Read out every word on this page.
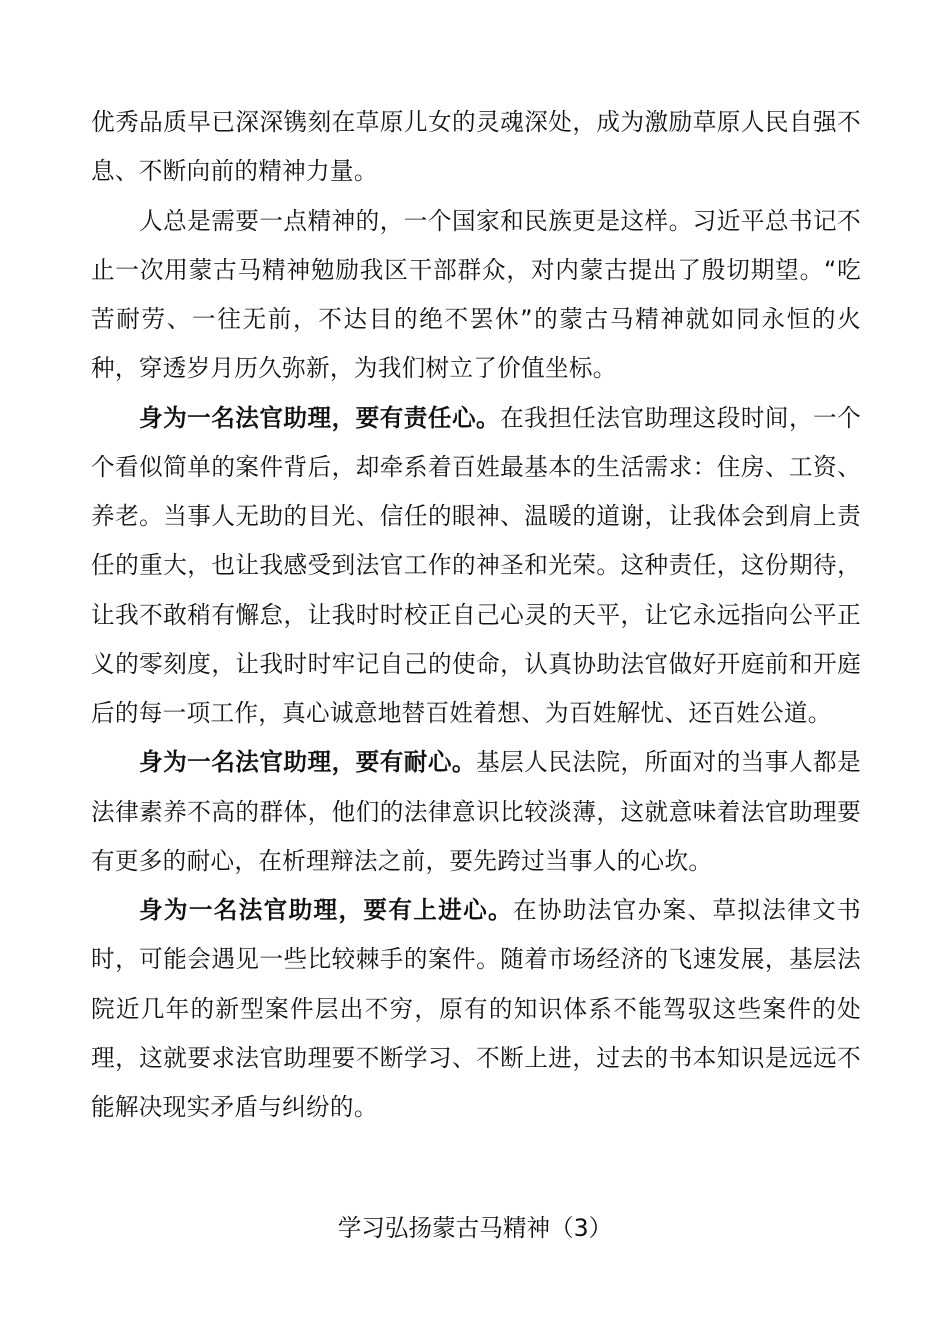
优秀品质早已深深镌刻在草原儿女的灵魂深处，成为激励草原人民自强不息、不断向前的精神力量。

人总是需要一点精神的，一个国家和民族更是这样。习近平总书记不止一次用蒙古马精神勉励我区干部群众，对内蒙古提出了殷切期望。“吃苦耐劳、一往无前，不达目的绝不罢休”的蒙古马精神就如同永恒的火种，穿透岁月历久弥新，为我们树立了价值坐标。

身为一名法官助理，要有责任心。在我担任法官助理这段时间，一个个看似简单的案件背后，却牵系着百姓最基本的生活需求：住房、工资、养老。当事人无助的目光、信任的眼神、温暖的道谢，让我体会到肩上责任的重大，也让我感受到法官工作的神圣和光荣。这种责任，这份期待，让我不敢稍有懈怠，让我时时校正自己心灵的天平，让它永远指向公平正义的零刻度，让我时时牢记自己的使命，认真协助法官做好开庭前和开庭后的每一项工作，真心诚意地替百姓着想、为百姓解忧、还百姓公道。

身为一名法官助理，要有耐心。基层人民法院，所面对的当事人都是法律素养不高的群体，他们的法律意识比较淡薄，这就意味着法官助理要有更多的耐心，在析理辩法之前，要先跨过当事人的心坎。

身为一名法官助理，要有上进心。在协助法官办案、草拟法律文书时，可能会遇见一些比较棘手的案件。随着市场经济的飞速发展，基层法院近几年的新型案件层出不穷，原有的知识体系不能驾驭这些案件的处理，这就要求法官助理要不断学习、不断上进，过去的书本知识是远远不能解决现实矛盾与纠纷的。

学习弘扬蒙古马精神（3）
